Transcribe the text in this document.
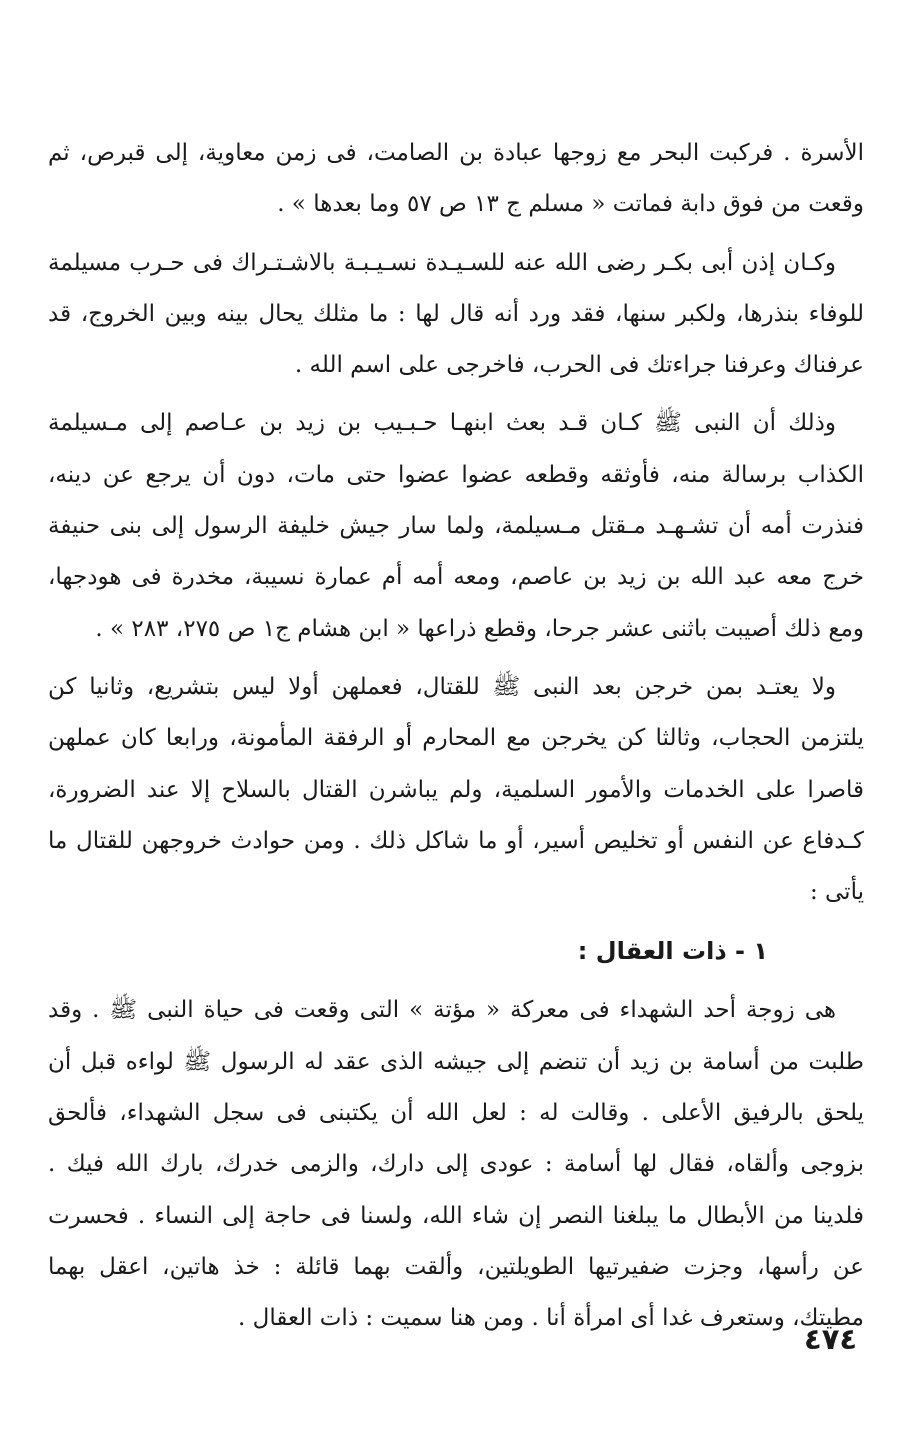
الأسرة . فركبت البحر مع زوجها عبادة بن الصامت، فى زمن معاوية، إلى قبرص، ثم وقعت من فوق دابة فماتت « مسلم ج ١٣ ص ٥٧ وما بعدها » .

وكـان إذن أبى بكـر رضى الله عنه للسـيـدة نسـيـبـة بالاشـتـراك فى حـرب مسيلمة للوفاء بنذرها، ولكبر سنها، فقد ورد أنه قال لها : ما مثلك يحال بينه وبين الخروج، قد عرفناك وعرفنا جراءتك فى الحرب، فاخرجى على اسم الله .

وذلك أن النبى ﷺ كـان قـد بعث ابنهـا حـبـيب بن زيد بن عـاصم إلى مـسيلمة الكذاب برسالة منه، فأوثقه وقطعه عضوا عضوا حتى مات، دون أن يرجع عن دينه، فنذرت أمه أن تشـهـد مـقتل مـسيلمة، ولما سار جيش خليفة الرسول إلى بنى حنيفة خرج معه عبد الله بن زيد بن عاصم، ومعه أمه أم عمارة نسيبة، مخدرة فى هودجها، ومع ذلك أصيبت باثنى عشر جرحا، وقطع ذراعها « ابن هشام ج١ ص ٢٧٥، ٢٨٣ » .

ولا يعتـد بمن خرجن بعد النبى ﷺ للقتال، فعملهن أولا ليس بتشريع، وثانيا كن يلتزمن الحجاب، وثالثا كن يخرجن مع المحارم أو الرفقة المأمونة، ورابعا كان عملهن قاصرا على الخدمات والأمور السلمية، ولم يباشرن القتال بالسلاح إلا عند الضرورة، كـدفاع عن النفس أو تخليص أسير، أو ما شاكل ذلك . ومن حوادث خروجهن للقتال ما يأتى :

١ - ذات العقال :

هى زوجة أحد الشهداء فى معركة « مؤتة » التى وقعت فى حياة النبى ﷺ . وقد طلبت من أسامة بن زيد أن تنضم إلى جيشه الذى عقد له الرسول ﷺ لواءه قبل أن يلحق بالرفيق الأعلى . وقالت له : لعل الله أن يكتبنى فى سجل الشهداء، فألحق بزوجى وألقاه، فقال لها أسامة : عودى إلى دارك، والزمى خدرك، بارك الله فيك . فلدينا من الأبطال ما يبلغنا النصر إن شاء الله، ولسنا فى حاجة إلى النساء . فحسرت عن رأسها، وجزت ضفيرتيها الطويلتين، وألقت بهما قائلة : خذ هاتين، اعقل بهما مطيتك، وستعرف غدا أى امرأة أنا . ومن هنا سميت : ذات العقال .

٤٧٤
